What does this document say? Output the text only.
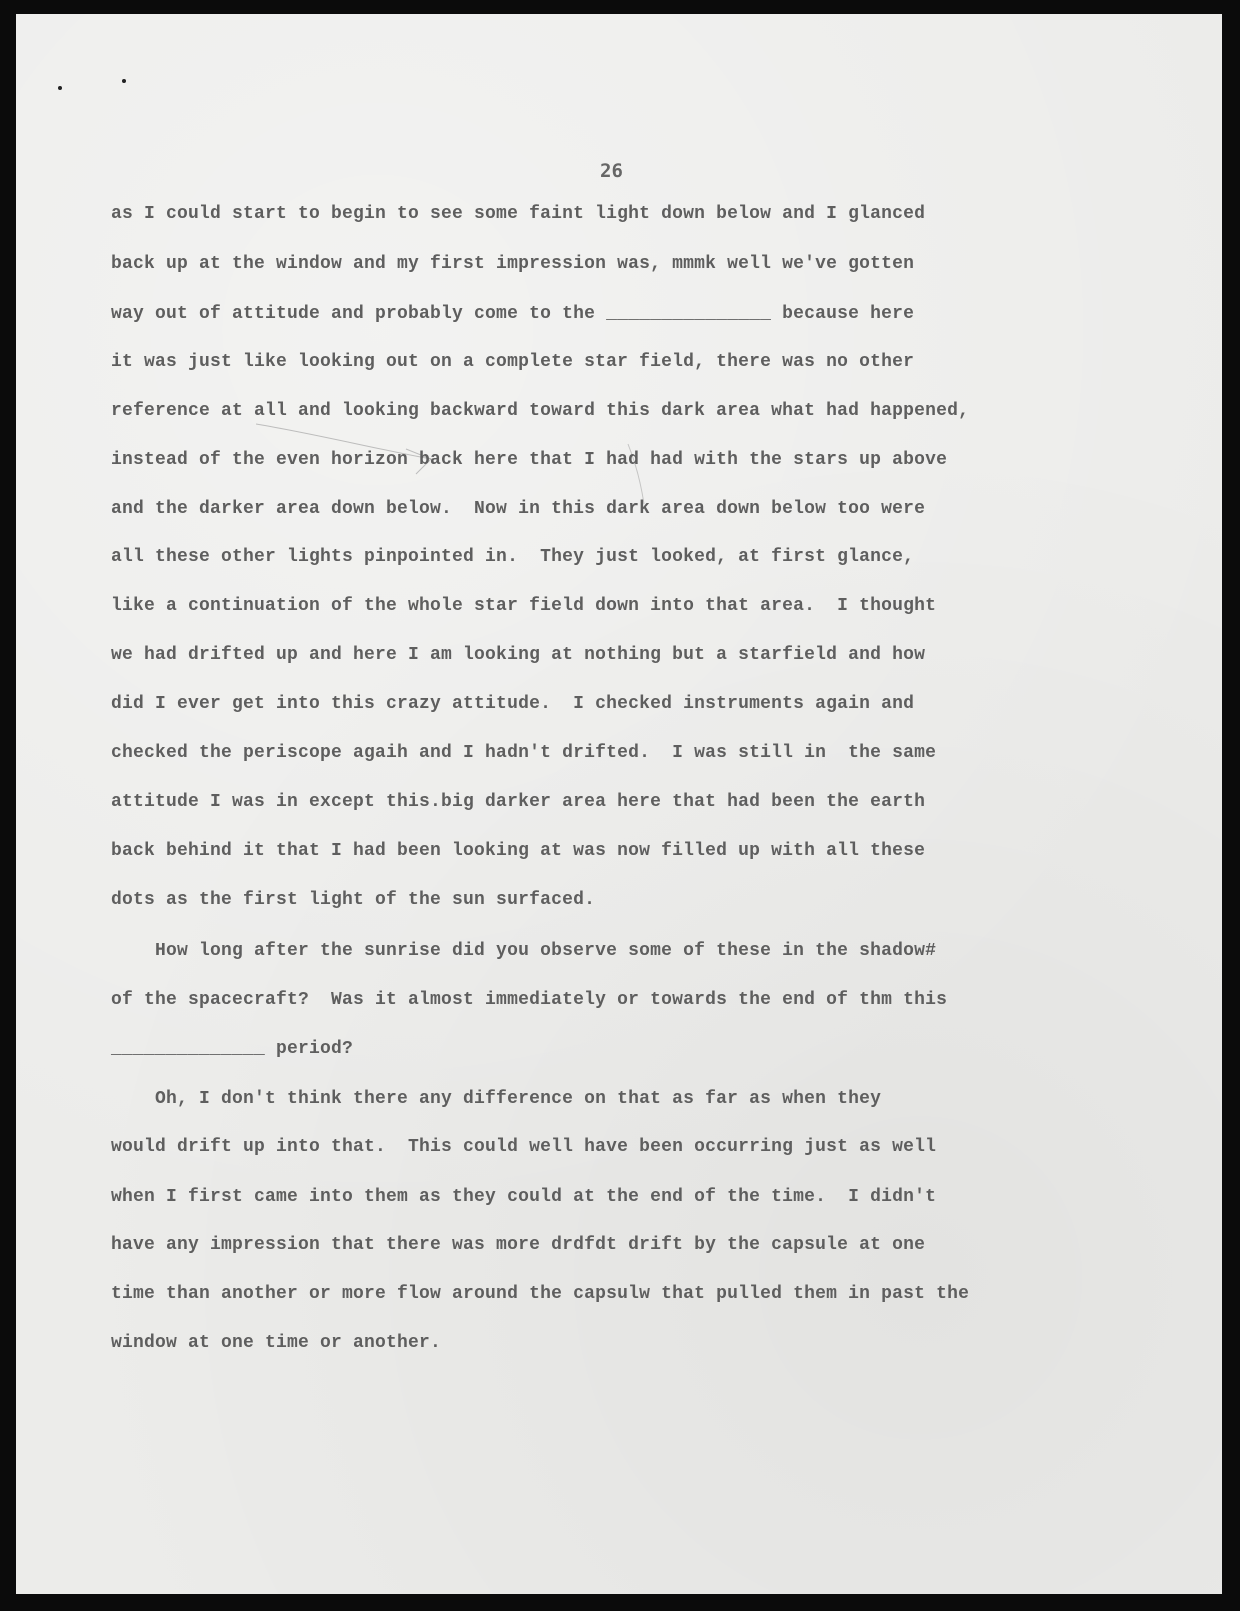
26

as I could start to begin to see some faint light down below and I glanced

back up at the window and my first impression was, mmmk well we've gotten

way out of attitude and probably come to the _______________ because here

it was just like looking out on a complete star field, there was no other

reference at all and looking backward toward this dark area what had happened,

instead of the even horizon back here that I had had with the stars up above

and the darker area down below.  Now in this dark area down below too were

all these other lights pinpointed in.  They just looked, at first glance,

like a continuation of the whole star field down into that area.  I thought

we had drifted up and here I am looking at nothing but a starfield and how

did I ever get into this crazy attitude.  I checked instruments again and

checked the periscope agaih and I hadn't drifted.  I was still in  the same

attitude I was in except this.big darker area here that had been the earth

back behind it that I had been looking at was now filled up with all these

dots as the first light of the sun surfaced.

How long after the sunrise did you observe some of these in the shadow#

of the spacecraft?  Was it almost immediately or towards the end of thm this

______________ period?

Oh, I don't think there any difference on that as far as when they

would drift up into that.  This could well have been occurring just as well

when I first came into them as they could at the end of the time.  I didn't

have any impression that there was more drdfdt drift by the capsule at one

time than another or more flow around the capsulw that pulled them in past the

window at one time or another.
